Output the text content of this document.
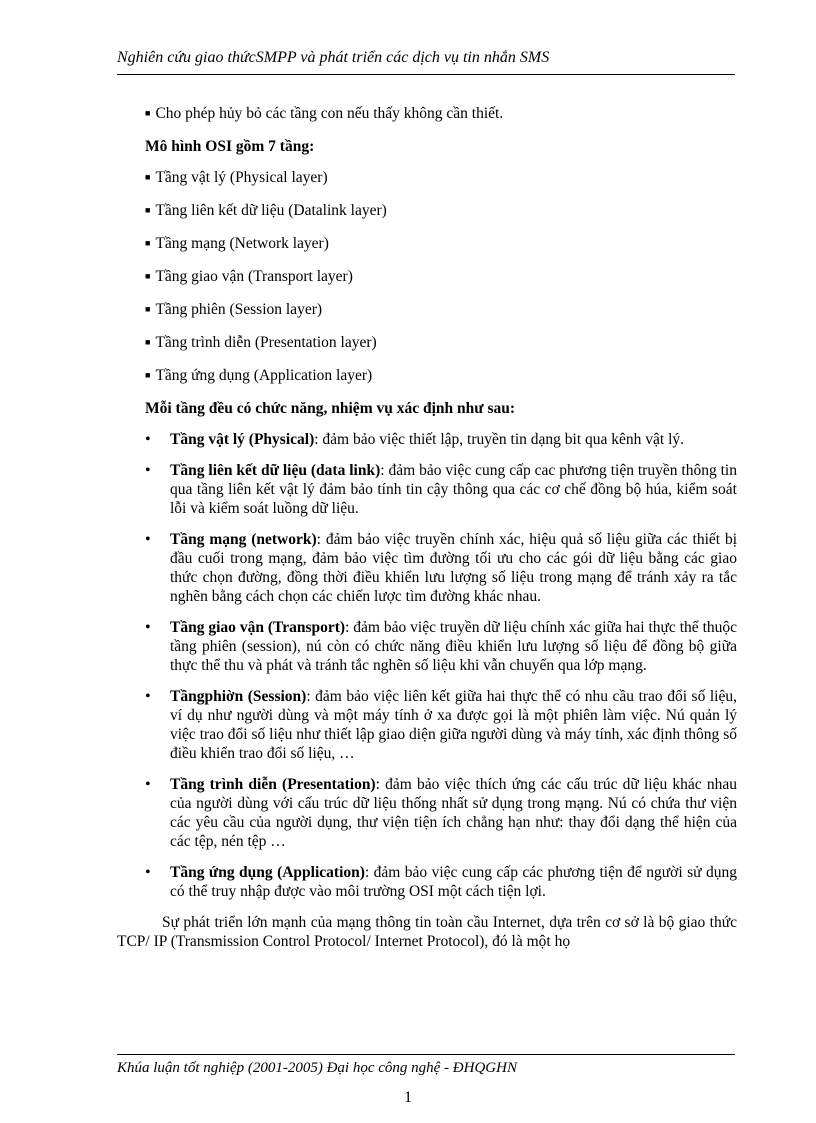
Nghiên cứu giao thứcSMPP và phát triển các dịch vụ tin nhắn SMS
■ Cho phép hủy bỏ các tầng con nếu thấy không cần thiết.
Mô hình OSI gồm 7 tầng:
■ Tầng vật lý (Physical layer)
■ Tầng liên kết dữ liệu (Datalink layer)
■ Tầng mạng (Network layer)
■ Tầng giao vận (Transport layer)
■ Tầng phiên (Session layer)
■ Tầng trình diễn (Presentation layer)
■ Tầng ứng dụng (Application layer)
Mỗi tầng đều có chức năng, nhiệm vụ xác định như sau:
• Tầng vật lý (Physical): đảm bảo việc thiết lập, truyền tin dạng bit qua kênh vật lý.
• Tầng liên kết dữ liệu (data link): đảm bảo việc cung cấp cac phương tiện truyền thông tin qua tầng liên kết vật lý đảm bảo tính tin cậy thông qua các cơ chế đồng bộ húa, kiểm soát lỗi và kiểm soát luồng dữ liệu.
• Tầng mạng (network): đảm bảo việc truyền chính xác, hiệu quả số liệu giữa các thiết bị đầu cuối trong mạng, đảm bảo việc tìm đường tối ưu cho các gói dữ liệu bằng các giao thức chọn đường, đồng thời điều khiển lưu lượng số liệu trong mạng để tránh xảy ra tắc nghẽn bằng cách chọn các chiến lược tìm đường khác nhau.
• Tầng giao vận (Transport): đảm bảo việc truyền dữ liệu chính xác giữa hai thực thể thuộc tầng phiên (session), nú còn có chức năng điều khiển lưu lượng số liệu để đồng bộ giữa thực thể thu và phát và tránh tắc nghẽn số liệu khi vẫn chuyển qua lớp mạng.
• Tầngphiờn (Session): đảm bảo việc liên kết giữa hai thực thể có nhu cầu trao đổi số liệu, ví dụ như người dùng và một máy tính ở xa được gọi là một phiên làm việc. Nú quản lý việc trao đổi số liệu như thiết lập giao diện giữa người dùng và máy tính, xác định thông số điều khiển trao đổi số liệu, …
• Tầng trình diễn (Presentation): đảm bảo việc thích ứng các cấu trúc dữ liệu khác nhau của người dùng với cấu trúc dữ liệu thống nhất sử dụng trong mạng. Nú có chứa thư viện các yêu cầu của người dụng, thư viện tiện ích chẳng hạn như: thay đổi dạng thể hiện của các tệp, nén tệp …
• Tầng ứng dụng (Application): đảm bảo việc cung cấp các phương tiện để người sử dụng có thể truy nhập được vào môi trường OSI một cách tiện lợi.

Sự phát triển lớn mạnh của mạng thông tin toàn cầu Internet, dựa trên cơ sở là bộ giao thức TCP/ IP (Transmission Control Protocol/ Internet Protocol), đó là một họ

Khúa luận tốt nghiệp (2001-2005) Đại học công nghệ - ĐHQGHN
1
